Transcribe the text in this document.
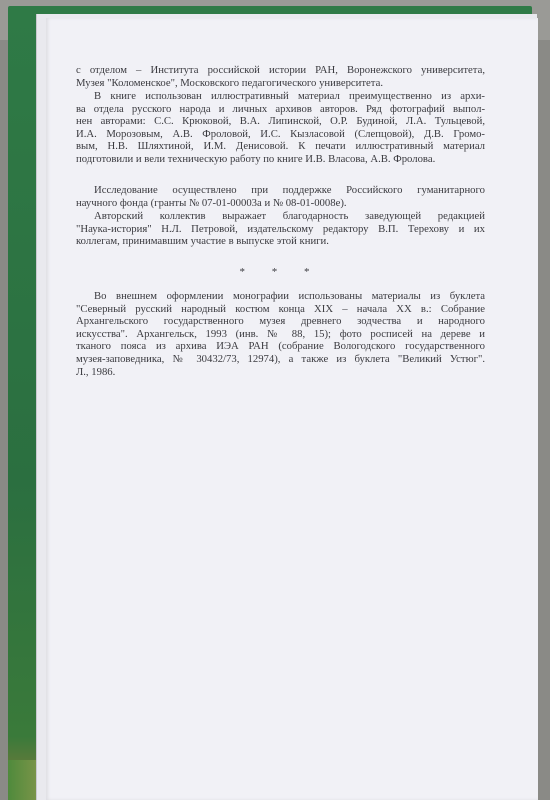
с отделом – Института российской истории РАН, Воронежского университета,
Музея "Коломенское", Московского педагогического университета.
В книге использован иллюстративный материал преимущественно из архи-
ва отдела русского народа и личных архивов авторов. Ряд фотографий выпол-
нен авторами: С.С. Крюковой, В.А. Липинской, О.Р. Будиной, Л.А. Тульцевой,
И.А. Морозовым, А.В. Фроловой, И.С. Кызласовой (Слепцовой), Д.В. Громо-
вым, Н.В. Шляхтиной, И.М. Денисовой. К печати иллюстративный материал
подготовили и вели техническую работу по книге И.В. Власова, А.В. Фролова.
Исследование осуществлено при поддержке Российского гуманитарного
научного фонда (гранты № 07-01-00003а и № 08-01-0008е).
Авторский коллектив выражает благодарность заведующей редакцией
"Наука-история" Н.Л. Петровой, издательскому редактору В.П. Терехову и их
коллегам, принимавшим участие в выпуске этой книги.
* * *
Во внешнем оформлении монографии использованы материалы из буклета
"Северный русский народный костюм конца XIX – начала XX в.: Собрание
Архангельского государственного музея древнего зодчества и народного
искусства". Архангельск, 1993 (инв. № 88, 15); фото росписей на дереве и
тканого пояса из архива ИЭА РАН (собрание Вологодского государственного
музея-заповедника, № 30432/73, 12974), а также из буклета "Великий Устюг".
Л., 1986.
